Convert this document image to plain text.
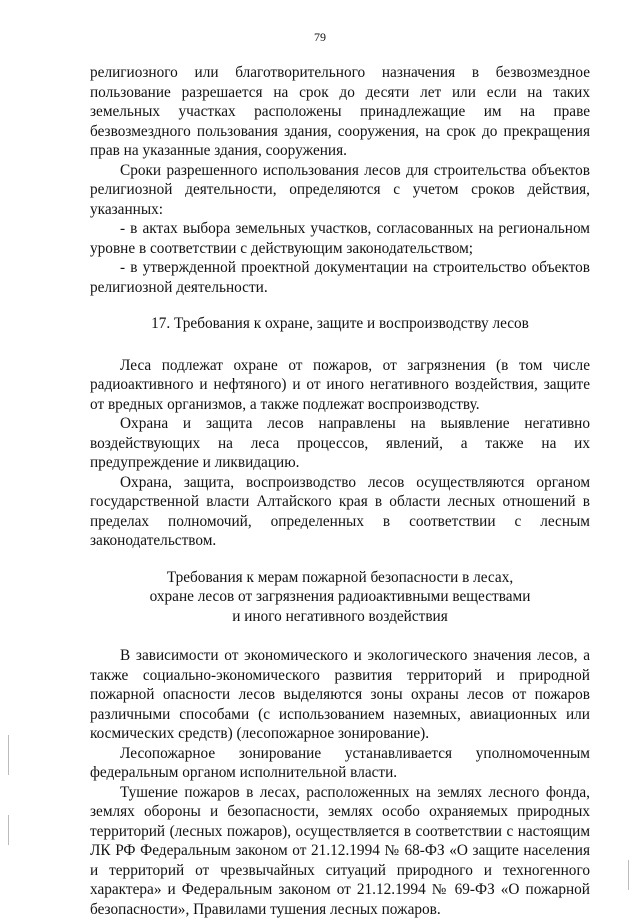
79

религиозного или благотворительного назначения в безвозмездное пользование разрешается на срок до десяти лет или если на таких земельных участках расположены принадлежащие им на праве безвозмездного пользования здания, сооружения, на срок до прекращения прав на указанные здания, сооружения.

Сроки разрешенного использования лесов для строительства объектов религиозной деятельности, определяются с учетом сроков действия, указанных:

- в актах выбора земельных участков, согласованных на региональном уровне в соответствии с действующим законодательством;

- в утвержденной проектной документации на строительство объектов религиозной деятельности.

17. Требования к охране, защите и воспроизводству лесов

Леса подлежат охране от пожаров, от загрязнения (в том числе радиоактивного и нефтяного) и от иного негативного воздействия, защите от вредных организмов, а также подлежат воспроизводству.

Охрана и защита лесов направлены на выявление негативно воздействующих на леса процессов, явлений, а также на их предупреждение и ликвидацию.

Охрана, защита, воспроизводство лесов осуществляются органом государственной власти Алтайского края в области лесных отношений в пределах полномочий, определенных в соответствии с лесным законодательством.

Требования к мерам пожарной безопасности в лесах,
охране лесов от загрязнения радиоактивными веществами
и иного негативного воздействия

В зависимости от экономического и экологического значения лесов, а также социально-экономического развития территорий и природной пожарной опасности лесов выделяются зоны охраны лесов от пожаров различными способами (с использованием наземных, авиационных или космических средств) (лесопожарное зонирование).

Лесопожарное зонирование устанавливается уполномоченным федеральным органом исполнительной власти.

Тушение пожаров в лесах, расположенных на землях лесного фонда, землях обороны и безопасности, землях особо охраняемых природных территорий (лесных пожаров), осуществляется в соответствии с настоящим ЛК РФ Федеральным законом от 21.12.1994 № 68-ФЗ «О защите населения и территорий от чрезвычайных ситуаций природного и техногенного характера» и Федеральным законом от 21.12.1994 № 69-ФЗ «О пожарной безопасности», Правилами тушения лесных пожаров.
